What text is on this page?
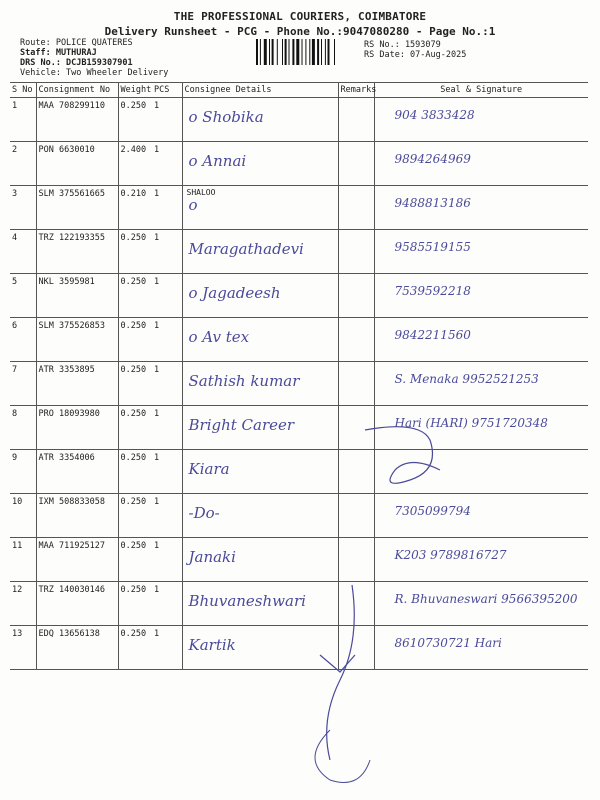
THE PROFESSIONAL COURIERS, COIMBATORE
Delivery Runsheet - PCG - Phone No.:9047080280 - Page No.:1
Route: POLICE QUATERES
Staff: MUTHURAJ
DRS No.: DCJB159307901
Vehicle: Two Wheeler Delivery
RS No.: 1593079
RS Date: 07-Aug-2025
S No	Consignment No	Weight	PCS	Consignee Details	Remarks	Seal & Signature
1	MAA 708299110	0.250	1	o Shobika		904 3833428

2	PON 6630010	2.400	1	o Annai		9894264969

3	SLM 375561665	0.210	1	SHALOO
o		9488813186

4	TRZ 122193355	0.250	1	Maragathadevi		9585519155

5	NKL 3595981	0.250	1	o Jagadeesh		7539592218

6	SLM 375526853	0.250	1	o Av tex		9842211560

7	ATR 3353895	0.250	1	Sathish kumar		S. Menaka 9952521253

8	PRO 18093980	0.250	1	Bright Career		Hari (HARI) 9751720348

9	ATR 3354006	0.250	1	Kiara		

10	IXM 508833058	0.250	1	-Do-		7305099794

11	MAA 711925127	0.250	1	Janaki		K203 9789816727

12	TRZ 140030146	0.250	1	Bhuvaneshwari		R. Bhuvaneswari 9566395200

13	EDQ 13656138	0.250	1	Kartik		8610730721 Hari
